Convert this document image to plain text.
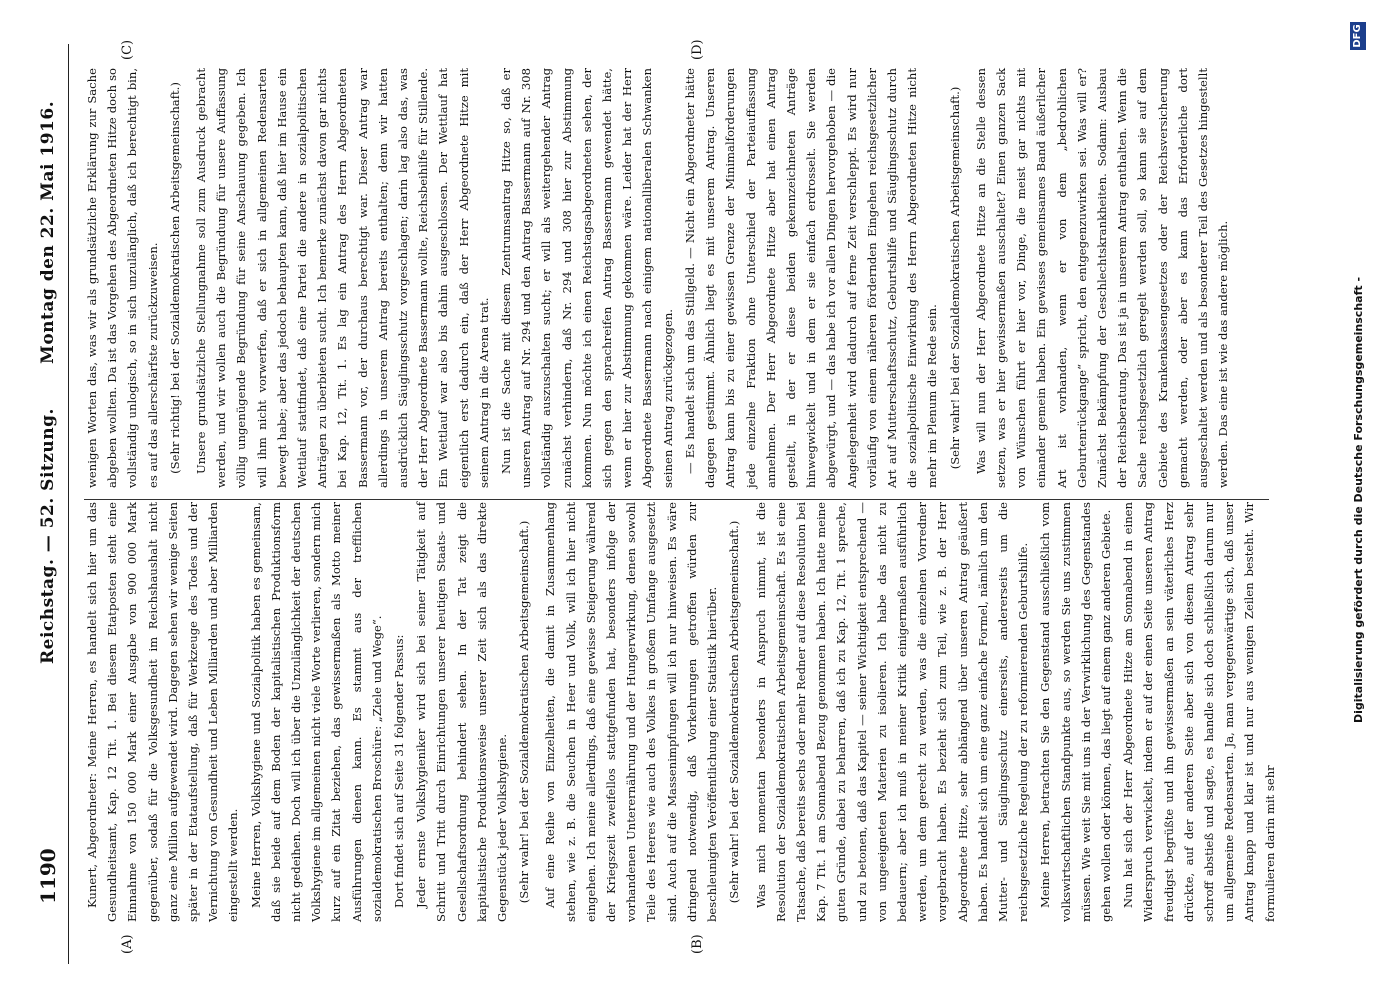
1190
Reichstag. — 52. Sitzung.
Montag den 22. Mai 1916.
(A)	(B)
(C)	(D)

Kunert, Abgeordneter: Meine Herren, es handelt sich hier um das Gesundheitsamt, Kap. 12 Tit. 1. Bei diesem Etatposten steht eine Einnahme von 150 000 Mark einer Ausgabe von 900 000 Mark gegenüber, sodaß für die Volksgesundheit im Reichshaushalt nicht ganz eine Million aufgewendet wird. Dagegen sehen wir wenige Seiten später in der Etataufstellung, daß für Werkzeuge des Todes und der Vernichtung von Gesundheit und Leben Milliarden und aber Milliarden eingestellt werden. Meine Herren, Volkshygiene und Sozialpolitik haben es gemeinsam, daß sie beide auf dem Boden der kapitalistischen Produktionsform nicht gedeihen. Doch will ich über die Unzulänglichkeit der deutschen Volkshygiene im allgemeinen nicht viele Worte verlieren, sondern mich kurz auf ein Zitat beziehen, das gewissermaßen als Motto meiner Ausführungen dienen kann. Es stammt aus der trefflichen sozialdemokratischen Broschüre: „Ziele und Wege“. Dort findet sich auf Seite 31 folgender Passus: Jeder ernste Volkshygieniker wird sich bei seiner Tätigkeit auf Schritt und Tritt durch Einrichtungen unserer heutigen Staats- und Gesellschaftsordnung behindert sehen. In der Tat zeigt die kapitalistische Produktionsweise unserer Zeit sich als das direkte Gegenstück jeder Volkshygiene. (Sehr wahr! bei der Sozialdemokratischen Arbeitsgemeinschaft.) Auf eine Reihe von Einzelheiten, die damit in Zusammenhang stehen, wie z. B. die Seuchen in Heer und Volk, will ich hier nicht eingehen. Ich meine allerdings, daß eine gewisse Steigerung während der Kriegszeit zweifellos stattgefunden hat, besonders infolge der vorhandenen Unterernährung und der Hungerwirkung, denen sowohl Teile des Heeres wie auch des Volkes in großem Umfange ausgesetzt sind. Auch auf die Massenimpfungen will ich nur hinweisen. Es wäre dringend notwendig, daß Vorkehrungen getroffen würden zur beschleunigten Veröffentlichung einer Statistik hierüber. (Sehr wahr! bei der Sozialdemokratischen Arbeitsgemeinschaft.) Was mich momentan besonders in Anspruch nimmt, ist die Resolution der Sozialdemokratischen Arbeitsgemeinschaft. Es ist eine Tatsache, daß bereits sechs oder mehr Redner auf diese Resolution bei Kap. 7 Tit. 1 am Sonnabend Bezug genommen haben. Ich hatte meine guten Gründe, dabei zu beharren, daß ich zu Kap. 12, Tit. 1 spreche, und zu betonen, daß das Kapitel — seiner Wichtigkeit entsprechend — von ungeeigneten Materien zu isolieren. Ich habe das nicht zu bedauern; aber ich muß in meiner Kritik einigermaßen ausführlich werden, um dem gerecht zu werden, was die einzelnen Vorredner vorgebracht haben. Es bezieht sich zum Teil, wie z. B. der Herr Abgeordnete Hitze, sehr abhängend über unseren Antrag geäußert haben. Es handelt sich um eine ganz einfache Formel, nämlich um den Mutter- und Säuglingsschutz einerseits, andererseits um die reichsgesetzliche Regelung der zu reformierenden Geburtshilfe. Meine Herren, betrachten Sie den Gegenstand ausschließlich vom volkswirtschaftlichen Standpunkte aus, so werden Sie uns zustimmen müssen. Wie weit Sie mit uns in der Verwirklichung des Gegenstandes gehen wollen oder können, das liegt auf einem ganz anderen Gebiete. Nun hat sich der Herr Abgeordnete Hitze am Sonnabend in einen Widerspruch verwickelt, indem er auf der einen Seite unseren Antrag freudigst begrüßte und ihn gewissermaßen an sein väterliches Herz drückte, auf der anderen Seite aber sich von diesem Antrag sehr schroff abstieß und sagte, es handle sich doch schließlich darum nur um allgemeine Redensarten. Ja, man vergegenwärtige sich, daß unser Antrag knapp und klar ist und nur aus wenigen Zeilen besteht. Wir formulieren darin mit sehr

wenigen Worten das, was wir als grundsätzliche Erklärung zur Sache abgeben wollten. Da ist das Vorgehen des Abgeordneten Hitze doch so vollständig unlogisch, so in sich unzulänglich, daß ich berechtigt bin, es auf das allerschärfste zurückzuweisen. (Sehr richtig! bei der Sozialdemokratischen Arbeitsgemeinschaft.) Unsere grundsätzliche Stellungnahme soll zum Ausdruck gebracht werden, und wir wollen auch die Begründung für unsere Auffassung völlig ungenügende Begründung für seine Anschauung gegeben. Ich will ihm nicht vorwerfen, daß er sich in allgemeinen Redensarten bewegt habe; aber das jedoch behaupten kann, daß hier im Hause ein Wettlauf stattfindet, daß eine Partei die andere in sozialpolitischen Anträgen zu überbieten sucht. Ich bemerke zunächst davon gar nichts bei Kap. 12, Tit. 1. Es lag ein Antrag des Herrn Abgeordneten Bassermann vor, der durchaus berechtigt war. Dieser Antrag war allerdings in unserem Antrag bereits enthalten; denn wir hatten ausdrücklich Säuglingsschutz vorgeschlagen; darin lag also das, was der Herr Abgeordnete Bassermann wollte, Reichsbeihilfe für Stillende. Ein Wettlauf war also bis dahin ausgeschlossen. Der Wettlauf hat eigentlich erst dadurch ein, daß der Herr Abgeordnete Hitze mit seinem Antrag in die Arena trat. Nun ist die Sache mit diesem Zentrumsantrag Hitze so, daß er unseren Antrag auf Nr. 294 und den Antrag Bassermann auf Nr. 308 vollständig auszuschalten sucht; er will als weitergehender Antrag zunächst verhindern, daß Nr. 294 und 308 hier zur Abstimmung kommen. Nun möchte ich einen Reichstagsabgeordneten sehen, der sich gegen den sprachreifen Antrag Bassermann gewendet hätte, wenn er hier zur Abstimmung gekommen wäre. Leider hat der Herr Abgeordnete Bassermann nach einigem nationalliberalen Schwanken seinen Antrag zurückgezogen. — Es handelt sich um das Stillgeld. — Nicht ein Abgeordneter hätte dagegen gestimmt. Ähnlich liegt es mit unserem Antrag. Unseren Antrag kann bis zu einer gewissen Grenze der Minimalforderungen jede einzelne Fraktion ohne Unterschied der Parteiauffassung annehmen. Der Herr Abgeordnete Hitze aber hat einen Antrag gestellt, in der er diese beiden gekennzeichneten Anträge hinwegwickelt und in dem er sie einfach erdrosselt. Sie werden abgewürgt, und — das habe ich vor allen Dingen hervorgehoben — die Angelegenheit wird dadurch auf ferne Zeit verschleppt. Es wird nur vorläufig von einem näheren fördernden Eingehen reichsgesetzlicher Art auf Mutterschaftsschutz, Geburtshilfe und Säuglingsschutz durch die sozialpolitische Einwirkung des Herrn Abgeordneten Hitze nicht mehr im Plenum die Rede sein. (Sehr wahr! bei der Sozialdemokratischen Arbeitsgemeinschaft.) Was will nun der Herr Abgeordnete Hitze an die Stelle dessen setzen, was er hier gewissermaßen ausschaltet? Einen ganzen Sack von Wünschen führt er hier vor, Dinge, die meist gar nichts mit einander gemein haben. Ein gewisses gemeinsames Band äußerlicher Art ist vorhanden, wenn er von dem „bedrohlichen Geburtenrückgange“ spricht, den entgegenzuwirken sei. Was will er? Zunächst Bekämpfung der Geschlechtskrankheiten. Sodann: Ausbau der Reichsberatung. Das ist ja in unserem Antrag enthalten. Wenn die Sache reichsgesetzlich geregelt werden soll, so kann sie auf dem Gebiete des Krankenkassengesetzes oder der Reichsversicherung gemacht werden, oder aber es kann das Erforderliche dort ausgeschaltet werden und als besonderer Teil des Gesetzes hingestellt werden. Das eine ist wie das andere möglich.	Digitalisierung gefördert durch die Deutsche Forschungsgemeinschaft -
DFG
